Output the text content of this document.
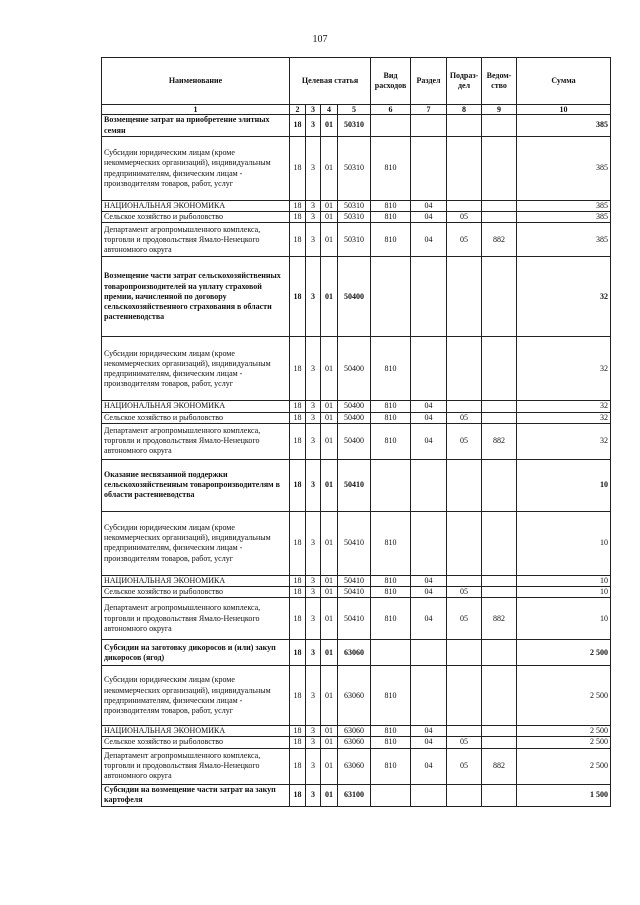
107
Наименование	Целевая статья				Вид расходов	Раздел	Подраз-дел	Ведом-ство	Сумма
1	2	3	4	5	6	7	8	9	10
Возмещение затрат на приобретение элитных семян	18	3	01	50310					385
Субсидии юридическим лицам (кроме некоммерческих организаций), индивидуальным предпринимателям, физическим лицам - производителям товаров, работ, услуг	18	3	01	50310	810				385
НАЦИОНАЛЬНАЯ ЭКОНОМИКА	18	3	01	50310	810	04			385
Сельское хозяйство и рыболовство	18	3	01	50310	810	04	05		385
Департамент агропромышленного комплекса, торговли и продовольствия Ямало-Ненецкого автономного округа	18	3	01	50310	810	04	05	882	385
Возмещение части затрат сельскохозяйственных товаропроизводителей на уплату страховой премии, начисленной по договору сельскохозяйственного страхования в области растениеводства	18	3	01	50400					32
Субсидии юридическим лицам (кроме некоммерческих организаций), индивидуальным предпринимателям, физическим лицам - производителям товаров, работ, услуг	18	3	01	50400	810				32
НАЦИОНАЛЬНАЯ ЭКОНОМИКА	18	3	01	50400	810	04			32
Сельское хозяйство и рыболовство	18	3	01	50400	810	04	05		32
Департамент агропромышленного комплекса, торговли и продовольствия Ямало-Ненецкого автономного округа	18	3	01	50400	810	04	05	882	32
Оказание несвязанной поддержки сельскохозяйственным товаропроизводителям в области растениеводства	18	3	01	50410					10
Субсидии юридическим лицам (кроме некоммерческих организаций), индивидуальным предпринимателям, физическим лицам - производителям товаров, работ, услуг	18	3	01	50410	810				10
НАЦИОНАЛЬНАЯ ЭКОНОМИКА	18	3	01	50410	810	04			10
Сельское хозяйство и рыболовство	18	3	01	50410	810	04	05		10
Департамент агропромышленного комплекса, торговли и продовольствия Ямало-Ненецкого автономного округа	18	3	01	50410	810	04	05	882	10
Субсидии на заготовку дикоросов и (или) закуп дикоросов (ягод)	18	3	01	63060					2 500
Субсидии юридическим лицам (кроме некоммерческих организаций), индивидуальным предпринимателям, физическим лицам - производителям товаров, работ, услуг	18	3	01	63060	810				2 500
НАЦИОНАЛЬНАЯ ЭКОНОМИКА	18	3	01	63060	810	04			2 500
Сельское хозяйство и рыболовство	18	3	01	63060	810	04	05		2 500
Департамент агропромышленного комплекса, торговли и продовольствия Ямало-Ненецкого автономного округа	18	3	01	63060	810	04	05	882	2 500
Субсидии на возмещение части затрат на закуп картофеля	18	3	01	63100					1 500
